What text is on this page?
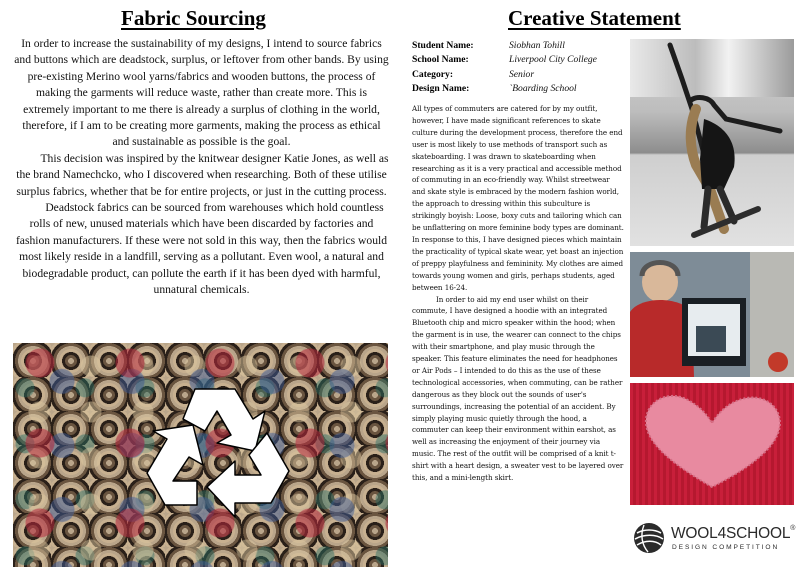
Fabric Sourcing

In order to increase the sustainability of my designs, I intend to source fabrics and buttons which are deadstock, surplus, or leftover from other bands. By using pre-existing Merino wool yarns/fabrics and wooden buttons, the process of making the garments will reduce waste, rather than create more. This is extremely important to me there is already a surplus of clothing in the world, therefore, if I am to be creating more garments, making the process as ethical and sustainable as possible is the goal.

This decision was inspired by the knitwear designer Katie Jones, as well as the brand Namechcko, who I discovered when researching. Both of these utilise surplus fabrics, whether that be for entire projects, or just in the cutting process.

Deadstock fabrics can be sourced from warehouses which hold countless rolls of new, unused materials which have been discarded by factories and fashion manufacturers. If these were not sold in this way, then the fabrics would most likely reside in a landfill, serving as a pollutant. Even wool, a natural and biodegradable product, can pollute the earth if it has been dyed with harmful, unnatural chemicals.

Creative Statement
Student Name:	Siobhan Tohill
School Name:	Liverpool City College
Category:	Senior
Design Name:	`Boarding School

All types of commuters are catered for by my outfit, however, I have made significant references to skate culture during the development process, therefore the end user is most likely to use methods of transport such as skateboarding. I was drawn to skateboarding when researching as it is a very practical and accessible method of commuting in an eco-friendly way. Whilst streetwear and skate style is embraced by the modern fashion world, the approach to dressing within this subculture is strikingly boyish: Loose, boxy cuts and tailoring which can be unflattering on more feminine body types are dominant. In response to this, I have designed pieces which maintain the practicality of typical skate wear, yet boast an injection of preppy playfulness and femininity. My clothes are aimed towards young women and girls, perhaps students, aged between 16-24.

In order to aid my end user whilst on their commute, I have designed a hoodie with an integrated Bluetooth chip and micro speaker within the hood; when the garment is in use, the wearer can connect to the chips with their smartphone, and play music through the speaker. This feature eliminates the need for headphones or Air Pods – I intended to do this as the use of these technological accessories, when commuting, can be rather dangerous as they block out the sounds of user's surroundings, increasing the potential of an accident. By simply playing music quietly through the hood, a commuter can keep their environment within earshot, as well as increasing the enjoyment of their journey via music. The rest of the outfit will be comprised of a knit t-shirt with a heart design, a sweater vest to be layered over this, and a mini-length skirt.

WOOL4SCHOOL®
DESIGN COMPETITION
